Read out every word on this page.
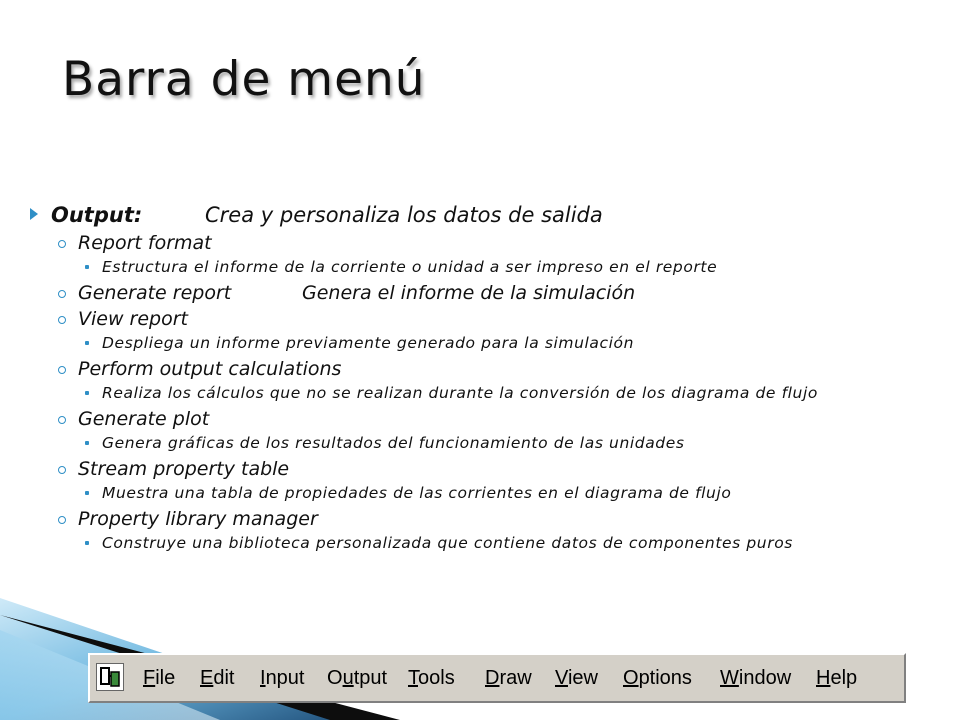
Barra de menú
Output:	Crea y personaliza los datos de salida
Report format
Estructura el informe de la corriente o unidad a ser impreso en el reporte
Generate report	Genera el informe de la simulación
View report
Despliega un informe previamente generado para la simulación
Perform output calculations
Realiza los cálculos que no se realizan durante la conversión de los diagrama de flujo
Generate plot
Genera gráficas de los resultados del funcionamiento de las unidades
Stream property table
Muestra una tabla de propiedades de las corrientes en el diagrama de flujo
Property library manager
Construye una biblioteca personalizada que contiene datos de componentes puros
File Edit Input Output Tools Draw View Options Window Help
